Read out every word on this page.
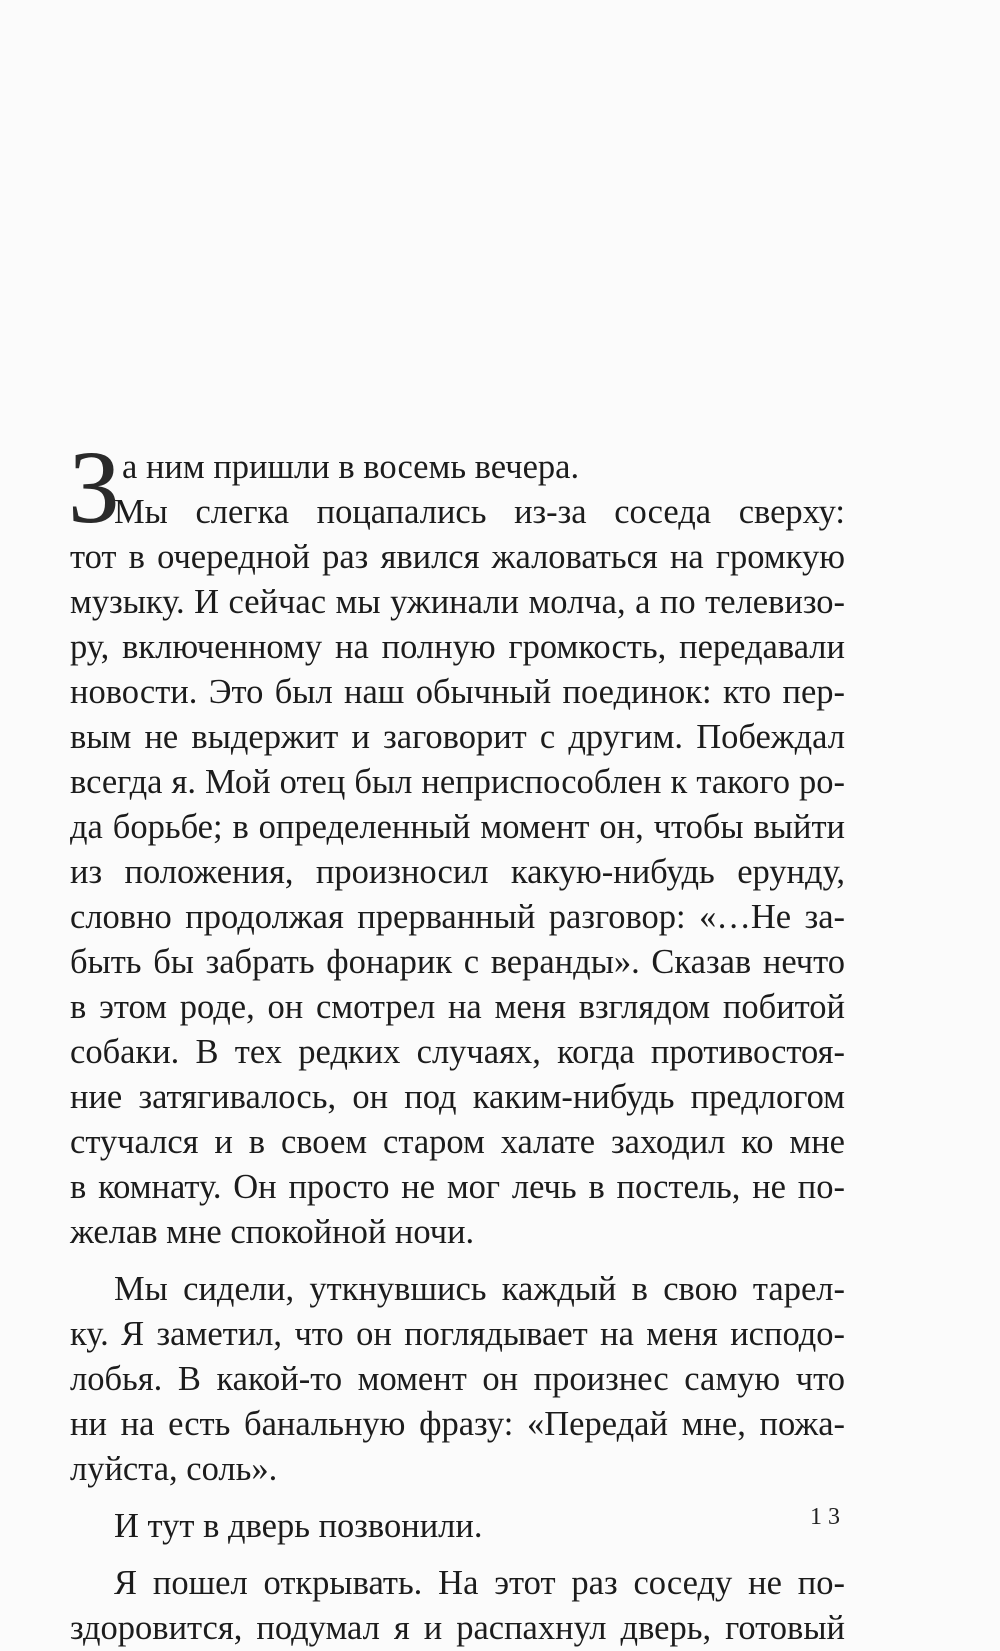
З а ним пришли в восемь вечера.
Мы слегка поцапались из-за соседа сверху:
тот в очередной раз явился жаловаться на громкую
музыку. И сейчас мы ужинали молча, а по телевизо-
ру, включенному на полную громкость, передавали
новости. Это был наш обычный поединок: кто пер-
вым не выдержит и заговорит с другим. Побеждал
всегда я. Мой отец был неприспособлен к такого ро-
да борьбе; в определенный момент он, чтобы выйти
из положения, произносил какую-нибудь ерунду,
словно продолжая прерванный разговор: «…Не за-
быть бы забрать фонарик с веранды». Сказав нечто
в этом роде, он смотрел на меня взглядом побитой
собаки. В тех редких случаях, когда противостоя-
ние затягивалось, он под каким-нибудь предлогом
стучался и в своем старом халате заходил ко мне
в комнату. Он просто не мог лечь в постель, не по-
желав мне спокойной ночи.
Мы сидели, уткнувшись каждый в свою тарел-
ку. Я заметил, что он поглядывает на меня исподо-
лобья. В какой-то момент он произнес самую что
ни на есть банальную фразу: «Передай мне, пожа-
луйста, соль».
И тут в дверь позвонили.
Я пошел открывать. На этот раз соседу не по-
здоровится, подумал я и распахнул дверь, готовый
13
